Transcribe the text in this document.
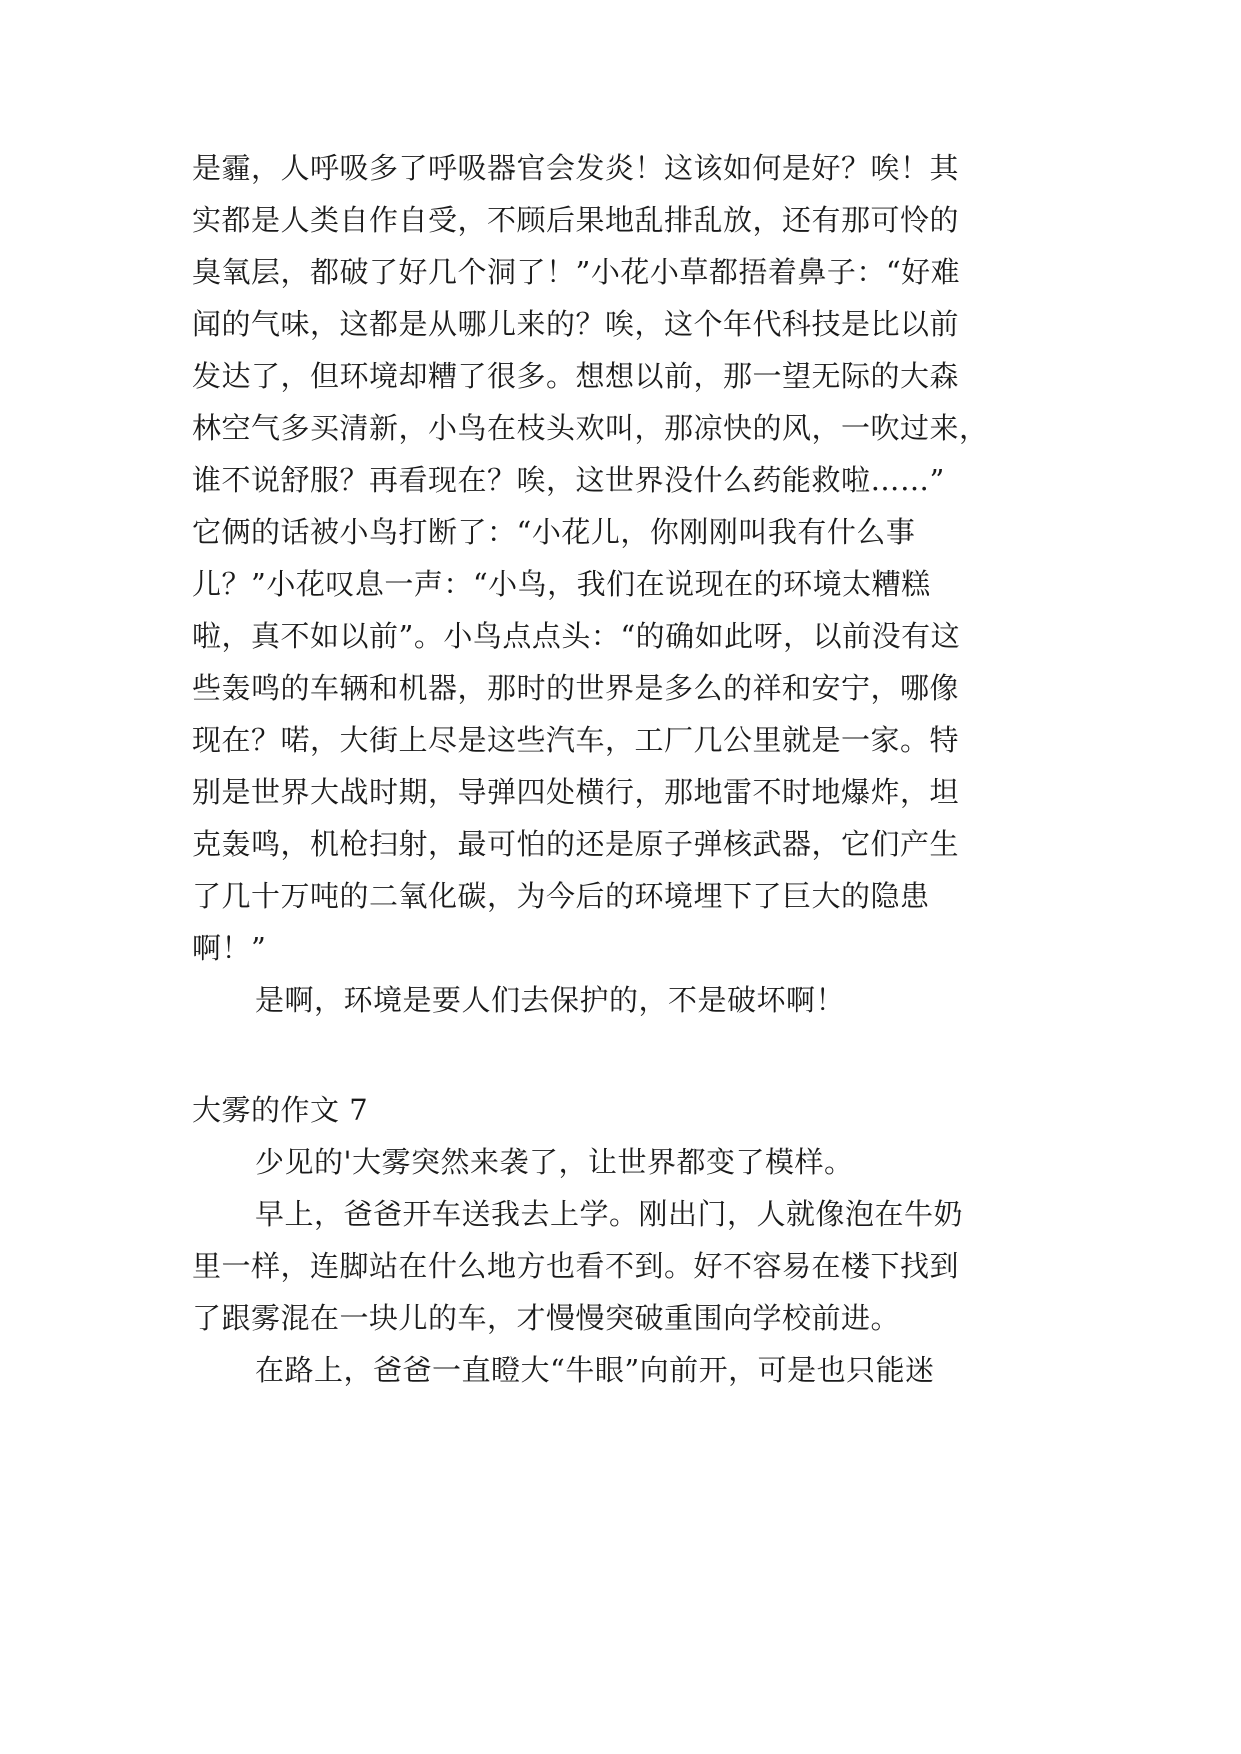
是霾，人呼吸多了呼吸器官会发炎！这该如何是好？唉！其
实都是人类自作自受，不顾后果地乱排乱放，还有那可怜的
臭氧层，都破了好几个洞了！”小花小草都捂着鼻子：“好难
闻的气味，这都是从哪儿来的？唉，这个年代科技是比以前
发达了，但环境却糟了很多。想想以前，那一望无际的大森
林空气多买清新，小鸟在枝头欢叫，那凉快的风，一吹过来，
谁不说舒服？再看现在？唉，这世界没什么药能救啦……”
它俩的话被小鸟打断了：“小花儿，你刚刚叫我有什么事
儿？”小花叹息一声：“小鸟，我们在说现在的环境太糟糕
啦，真不如以前”。小鸟点点头：“的确如此呀，以前没有这
些轰鸣的车辆和机器，那时的世界是多么的祥和安宁，哪像
现在？喏，大街上尽是这些汽车，工厂几公里就是一家。特
别是世界大战时期，导弹四处横行，那地雷不时地爆炸，坦
克轰鸣，机枪扫射，最可怕的还是原子弹核武器，它们产生
了几十万吨的二氧化碳，为今后的环境埋下了巨大的隐患
啊！”
是啊，环境是要人们去保护的，不是破坏啊！
大雾的作文 7
少见的'大雾突然来袭了，让世界都变了模样。
早上，爸爸开车送我去上学。刚出门，人就像泡在牛奶
里一样，连脚站在什么地方也看不到。好不容易在楼下找到
了跟雾混在一块儿的车，才慢慢突破重围向学校前进。
在路上，爸爸一直瞪大“牛眼”向前开，可是也只能迷
